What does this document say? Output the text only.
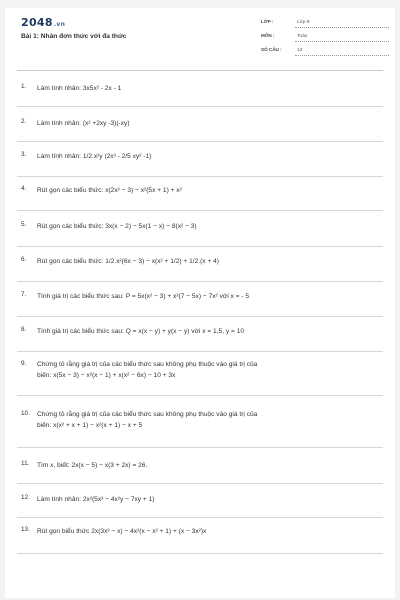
2048.vn
Bài 1: Nhân đơn thức với đa thức
LỚP :	Lớp 8
MÔN :	Toán
SỐ CÂU :	13
1. Làm tính nhân: 3x5x² - 2x - 1
2. Làm tính nhân: (x² +2xy -3)(-xy)
3. Làm tính nhân: 1/2.x²y (2x³ - 2/5 xy² -1)
4. Rút gọn các biểu thức: x(2x² − 3) − x²(5x + 1) + x²
5. Rút gọn các biểu thức: 3x(x − 2) − 5x(1 − x) − 8(x² − 3)
6. Rút gọn các biểu thức: 1/2.x²(6x − 3) − x(x² + 1/2) + 1/2.(x + 4)
7. Tính giá trị các biểu thức sau: P = 5x(x² − 3) + x²(7 − 5x) − 7x² với x = - 5
8. Tính giá trị các biểu thức sau: Q = x(x − y) + y(x − y) với x = 1,5, y = 10
9. Chứng tỏ rằng giá trị của các biểu thức sau không phụ thuộc vào giá trị của
biến: x(5x − 3) − x²(x − 1) + x(x² − 6x) − 10 + 3x
10. Chứng tỏ rằng giá trị của các biểu thức sau không phụ thuộc vào giá trị của
biến: x(x² + x + 1) − x²(x + 1) − x + 5
11. Tìm x, biết: 2x(x − 5) − x(3 + 2x) = 26.
12. Làm tính nhân: 2x²(5x³ − 4x²y − 7xy + 1)
13. Rút gọn biểu thức 2x(3x³ − x) − 4x²(x − x² + 1) + (x − 3x²)x
